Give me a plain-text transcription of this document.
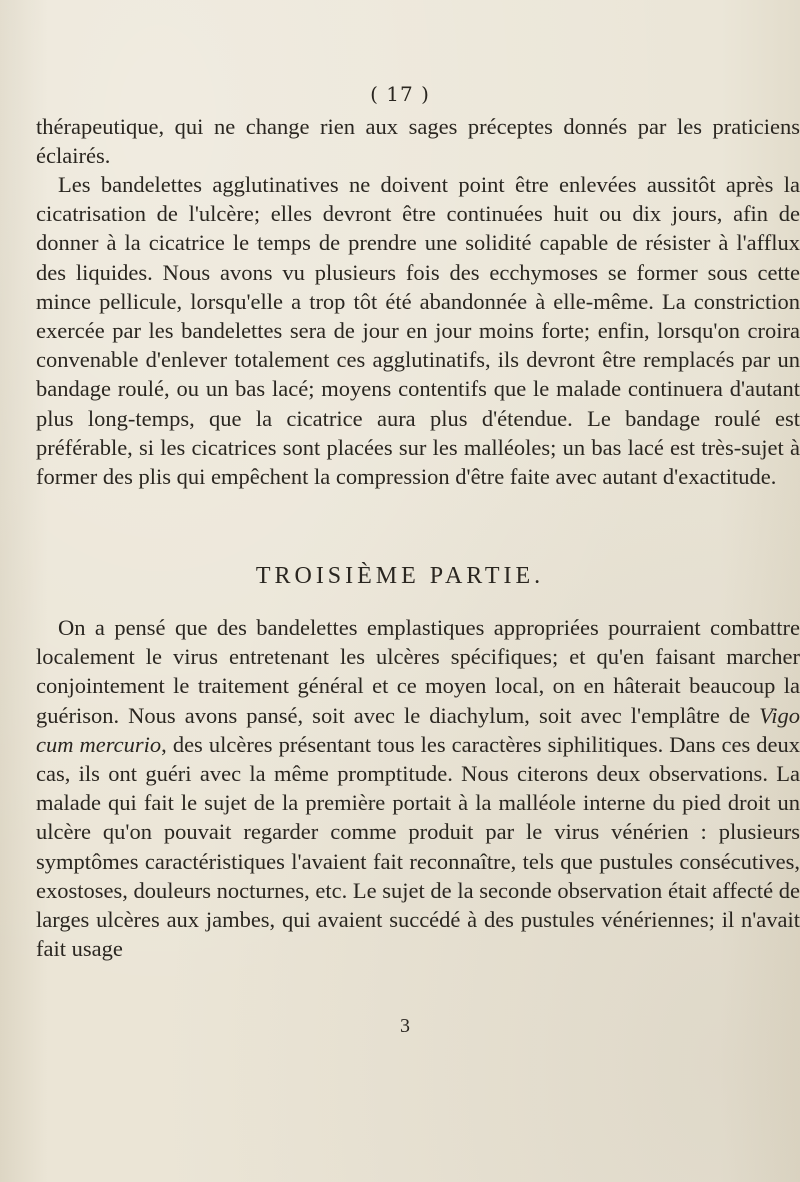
( 17 )

thérapeutique, qui ne change rien aux sages préceptes donnés par les praticiens éclairés.

Les bandelettes agglutinatives ne doivent point être enlevées aussitôt après la cicatrisation de l'ulcère; elles devront être continuées huit ou dix jours, afin de donner à la cicatrice le temps de prendre une solidité capable de résister à l'afflux des liquides. Nous avons vu plusieurs fois des ecchymoses se former sous cette mince pellicule, lorsqu'elle a trop tôt été abandonnée à elle-même. La constriction exercée par les bandelettes sera de jour en jour moins forte; enfin, lorsqu'on croira convenable d'enlever totalement ces agglutinatifs, ils devront être remplacés par un bandage roulé, ou un bas lacé; moyens contentifs que le malade continuera d'autant plus long-temps, que la cicatrice aura plus d'étendue. Le bandage roulé est préférable, si les cicatrices sont placées sur les malléoles; un bas lacé est très-sujet à former des plis qui empêchent la compression d'être faite avec autant d'exactitude.

TROISIÈME PARTIE.

On a pensé que des bandelettes emplastiques appropriées pourraient combattre localement le virus entretenant les ulcères spécifiques; et qu'en faisant marcher conjointement le traitement général et ce moyen local, on en hâterait beaucoup la guérison. Nous avons pansé, soit avec le diachylum, soit avec l'emplâtre de Vigo cum mercurio, des ulcères présentant tous les caractères siphilitiques. Dans ces deux cas, ils ont guéri avec la même promptitude. Nous citerons deux observations. La malade qui fait le sujet de la première portait à la malléole interne du pied droit un ulcère qu'on pouvait regarder comme produit par le virus vénérien : plusieurs symptômes caractéristiques l'avaient fait reconnaître, tels que pustules consécutives, exostoses, douleurs nocturnes, etc. Le sujet de la seconde observation était affecté de larges ulcères aux jambes, qui avaient succédé à des pustules vénériennes; il n'avait fait usage

3
